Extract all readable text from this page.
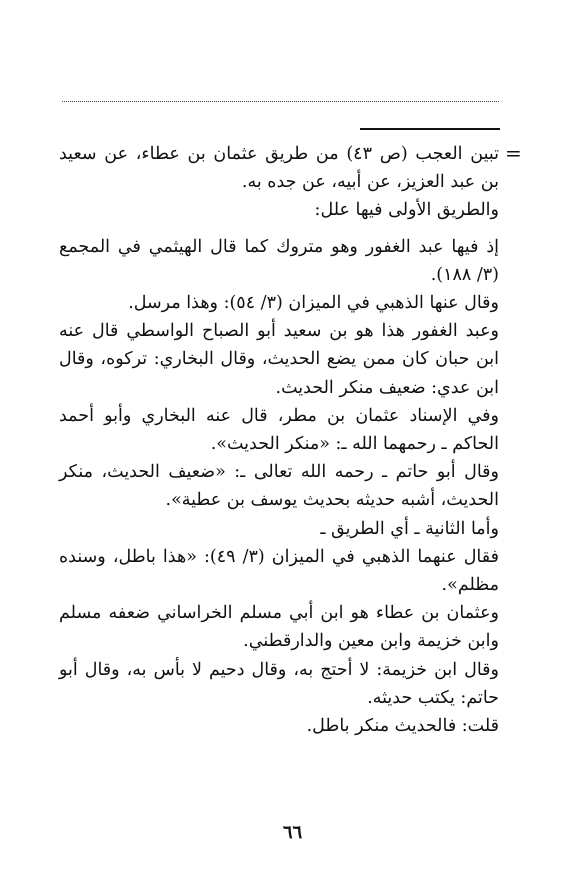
=
تبين العجب (ص ٤٣) من طريق عثمان بن عطاء، عن سعيد بن عبد العزيز، عن أبيه، عن جده به.
والطريق الأولى فيها علل:
إذ فيها عبد الغفور وهو متروك كما قال الهيثمي في المجمع (٣/ ١٨٨).
وقال عنها الذهبي في الميزان (٣/ ٥٤): وهذا مرسل.
وعبد الغفور هذا هو بن سعيد أبو الصباح الواسطي قال عنه ابن حبان كان ممن يضع الحديث، وقال البخاري: تركوه، وقال ابن عدي: ضعيف منكر الحديث.
وفي الإسناد عثمان بن مطر، قال عنه البخاري وأبو أحمد الحاكم ـ رحمهما الله ـ: «منكر الحديث».
وقال أبو حاتم ـ رحمه الله تعالى ـ: «ضعيف الحديث، منكر الحديث، أشبه حديثه بحديث يوسف بن عطية».
وأما الثانية ـ أي الطريق ـ
فقال عنهما الذهبي في الميزان (٣/ ٤٩): «هذا باطل، وسنده مظلم».
وعثمان بن عطاء هو ابن أبي مسلم الخراساني ضعفه مسلم وابن خزيمة وابن معين والدارقطني.
وقال ابن خزيمة: لا أحتج به، وقال دحيم لا بأس به، وقال أبو حاتم: يكتب حديثه.
قلت: فالحديث منكر باطل.
٦٦
